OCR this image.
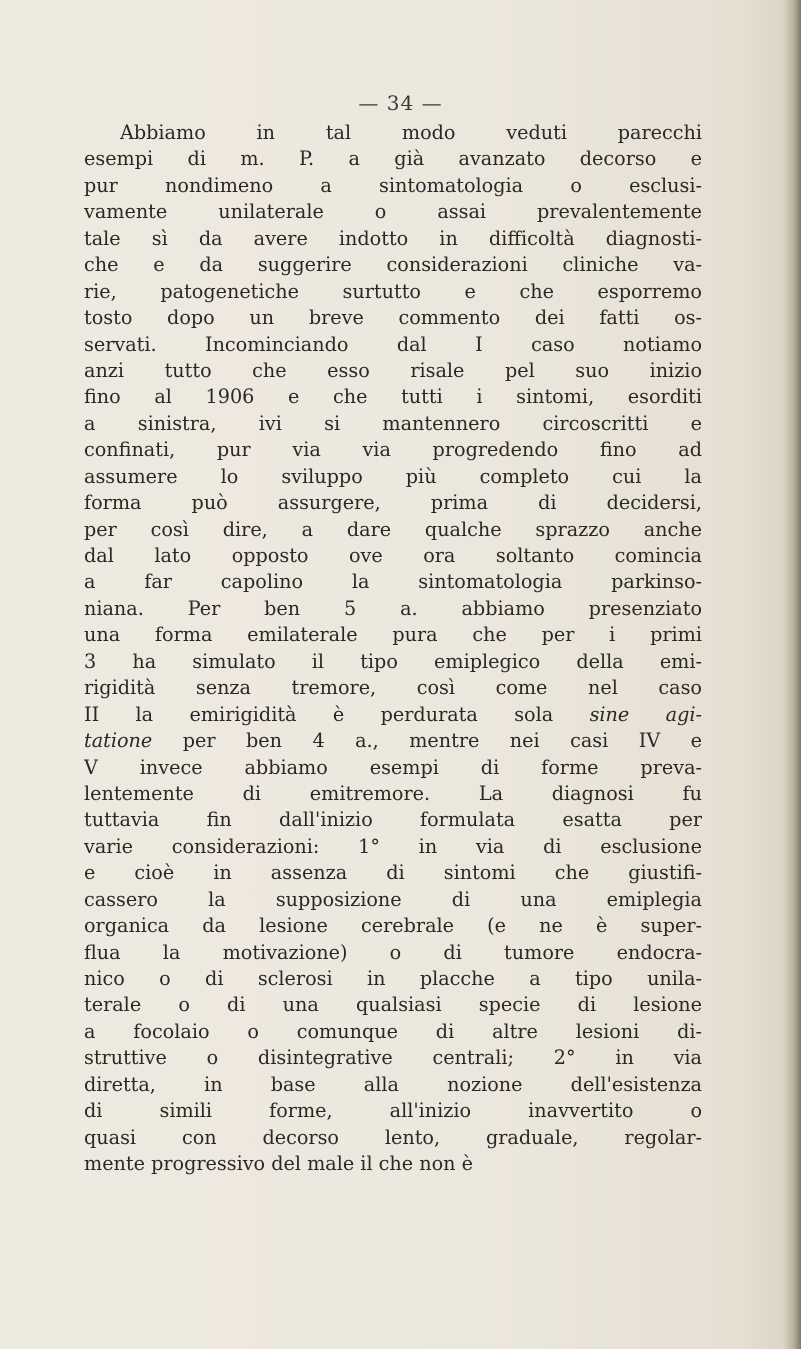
— 34 —
Abbiamo in tal modo veduti parecchi
esempi di m. P. a già avanzato decorso e
pur nondimeno a sintomatologia o esclusi-
vamente unilaterale o assai prevalentemente
tale sì da avere indotto in difficoltà diagnosti-
che e da suggerire considerazioni cliniche va-
rie, patogenetiche surtutto e che esporremo
tosto dopo un breve commento dei fatti os-
servati. Incominciando dal I caso notiamo
anzi tutto che esso risale pel suo inizio
fino al 1906 e che tutti i sintomi, esorditi
a sinistra, ivi si mantennero circoscritti e
confinati, pur via via progredendo fino ad
assumere lo sviluppo più completo cui la
forma può assurgere, prima di decidersi,
per così dire, a dare qualche sprazzo anche
dal lato opposto ove ora soltanto comincia
a far capolino la sintomatologia parkinso-
niana. Per ben 5 a. abbiamo presenziato
una forma emilaterale pura che per i primi
3 ha simulato il tipo emiplegico della emi-
rigidità senza tremore, così come nel caso
II la emirigidità è perdurata sola sine agi-
tatione per ben 4 a., mentre nei casi IV e
V invece abbiamo esempi di forme preva-
lentemente di emitremore. La diagnosi fu
tuttavia fin dall'inizio formulata esatta per
varie considerazioni: 1° in via di esclusione
e cioè in assenza di sintomi che giustifi-
cassero la supposizione di una emiplegia
organica da lesione cerebrale (e ne è super-
flua la motivazione) o di tumore endocra-
nico o di sclerosi in placche a tipo unila-
terale o di una qualsiasi specie di lesione
a focolaio o comunque di altre lesioni di-
struttive o disintegrative centrali; 2° in via
diretta, in base alla nozione dell'esistenza
di simili forme, all'inizio inavvertito o
quasi con decorso lento, graduale, regolar-
mente progressivo del male il che non è
